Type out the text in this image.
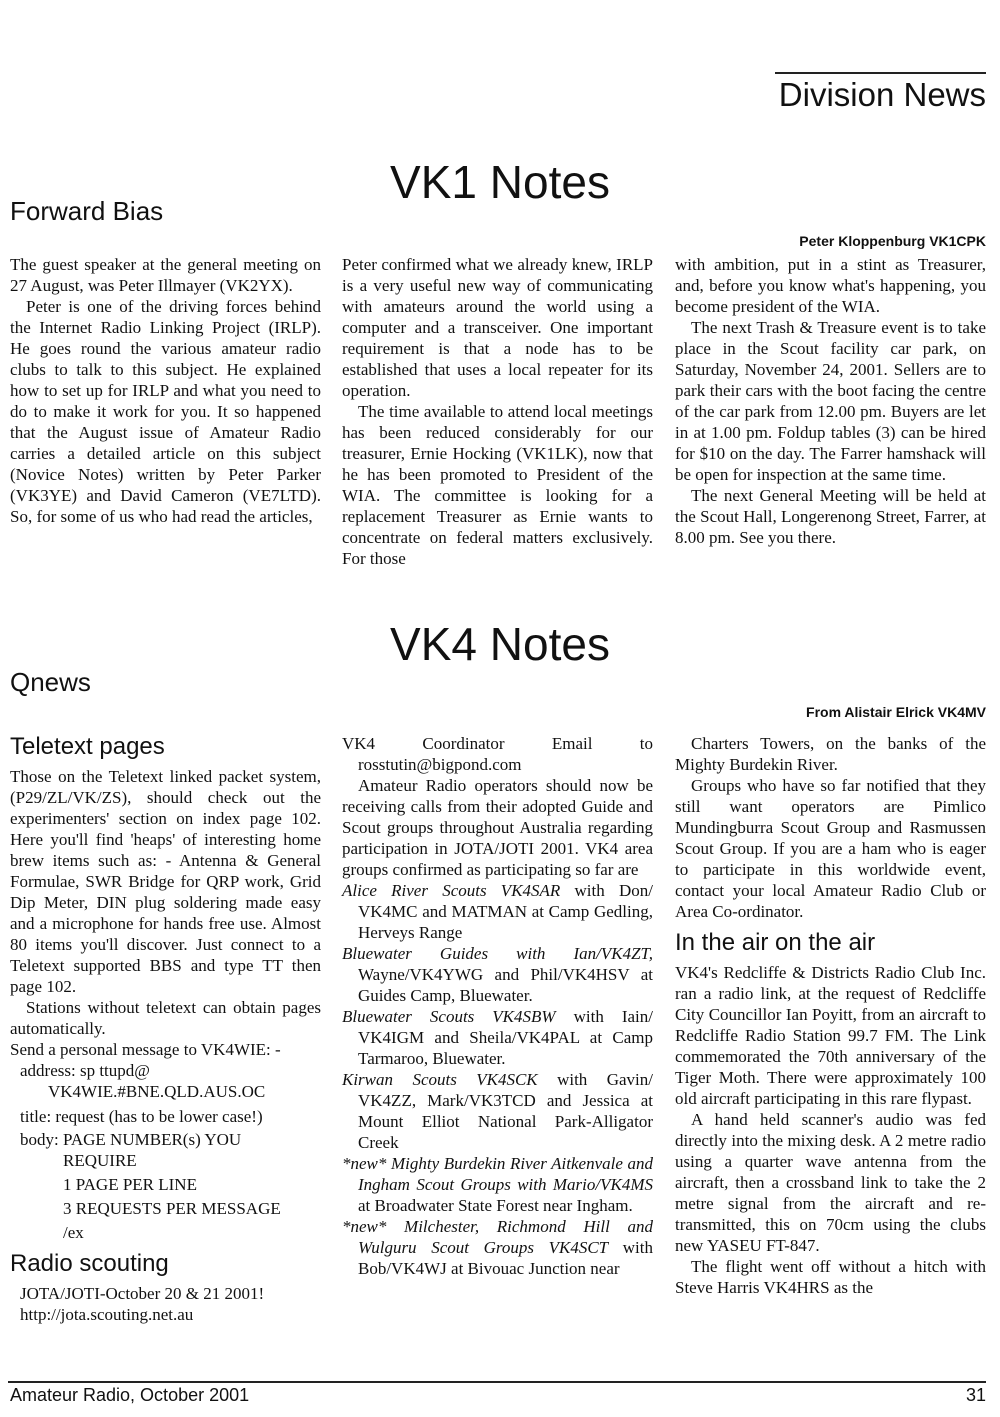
Division News
VK1 Notes
Forward Bias
Peter Kloppenburg VK1CPK

The guest speaker at the general meeting on 27 August, was Peter Illmayer (VK2YX).

Peter is one of the driving forces behind the Internet Radio Linking Project (IRLP). He goes round the various amateur radio clubs to talk to this subject. He explained how to set up for IRLP and what you need to do to make it work for you. It so happened that the August issue of Amateur Radio carries a detailed article on this subject (Novice Notes) written by Peter Parker (VK3YE) and David Cameron (VE7LTD). So, for some of us who had read the articles,

Peter confirmed what we already knew, IRLP is a very useful new way of communicating with amateurs around the world using a computer and a transceiver. One important requirement is that a node has to be established that uses a local repeater for its operation.

The time available to attend local meetings has been reduced considerably for our treasurer, Ernie Hocking (VK1LK), now that he has been promoted to President of the WIA. The committee is looking for a replacement Treasurer as Ernie wants to concentrate on federal matters exclusively. For those

with ambition, put in a stint as Treasurer, and, before you know what's happening, you become president of the WIA.

The next Trash & Treasure event is to take place in the Scout facility car park, on Saturday, November 24, 2001. Sellers are to park their cars with the boot facing the centre of the car park from 12.00 pm. Buyers are let in at 1.00 pm. Foldup tables (3) can be hired for $10 on the day. The Farrer hamshack will be open for inspection at the same time.

The next General Meeting will be held at the Scout Hall, Longerenong Street, Farrer, at 8.00 pm. See you there.

VK4 Notes
Qnews
From Alistair Elrick VK4MV
Teletext pages

Those on the Teletext linked packet system, (P29/ZL/VK/ZS), should check out the experimenters' section on index page 102. Here you'll find 'heaps' of interesting home brew items such as: - Antenna & General Formulae, SWR Bridge for QRP work, Grid Dip Meter, DIN plug soldering made easy and a microphone for hands free use. Almost 80 items you'll discover. Just connect to a Teletext supported BBS and type TT then page 102.

Stations without teletext can obtain pages automatically.

Send a personal message to VK4WIE: -

address: sp ttupd@

VK4WIE.#BNE.QLD.AUS.OC

title: request (has to be lower case!)

body: PAGE NUMBER(s) YOU

REQUIRE

1 PAGE PER LINE

3 REQUESTS PER MESSAGE

/ex

Radio scouting

JOTA/JOTI-October 20 & 21 2001!

http://jota.scouting.net.au

VK4 Coordinator Email to rosstutin@bigpond.com

Amateur Radio operators should now be receiving calls from their adopted Guide and Scout groups throughout Australia regarding participation in JOTA/JOTI 2001. VK4 area groups confirmed as participating so far are

Alice River Scouts VK4SAR with Don/ VK4MC and MATMAN at Camp Gedling, Herveys Range

Bluewater Guides with Ian/VK4ZT, Wayne/VK4YWG and Phil/VK4HSV at Guides Camp, Bluewater.

Bluewater Scouts VK4SBW with Iain/ VK4IGM and Sheila/VK4PAL at Camp Tarmaroo, Bluewater.

Kirwan Scouts VK4SCK with Gavin/ VK4ZZ, Mark/VK3TCD and Jessica at Mount Elliot National Park-Alligator Creek

*new* Mighty Burdekin River Aitkenvale and Ingham Scout Groups with Mario/VK4MS at Broadwater State Forest near Ingham.

*new* Milchester, Richmond Hill and Wulguru Scout Groups VK4SCT with Bob/VK4WJ at Bivouac Junction near

Charters Towers, on the banks of the Mighty Burdekin River.

Groups who have so far notified that they still want operators are Pimlico Mundingburra Scout Group and Rasmussen Scout Group. If you are a ham who is eager to participate in this worldwide event, contact your local Amateur Radio Club or Area Co-ordinator.

In the air on the air

VK4's Redcliffe & Districts Radio Club Inc. ran a radio link, at the request of Redcliffe City Councillor Ian Poyitt, from an aircraft to Redcliffe Radio Station 99.7 FM. The Link commemorated the 70th anniversary of the Tiger Moth. There were approximately 100 old aircraft participating in this rare flypast.

A hand held scanner's audio was fed directly into the mixing desk. A 2 metre radio using a quarter wave antenna from the aircraft, then a crossband link to take the 2 metre signal from the aircraft and re-transmitted, this on 70cm using the clubs new YASEU FT-847.

The flight went off without a hitch with Steve Harris VK4HRS as the

Amateur Radio, October 2001	31
